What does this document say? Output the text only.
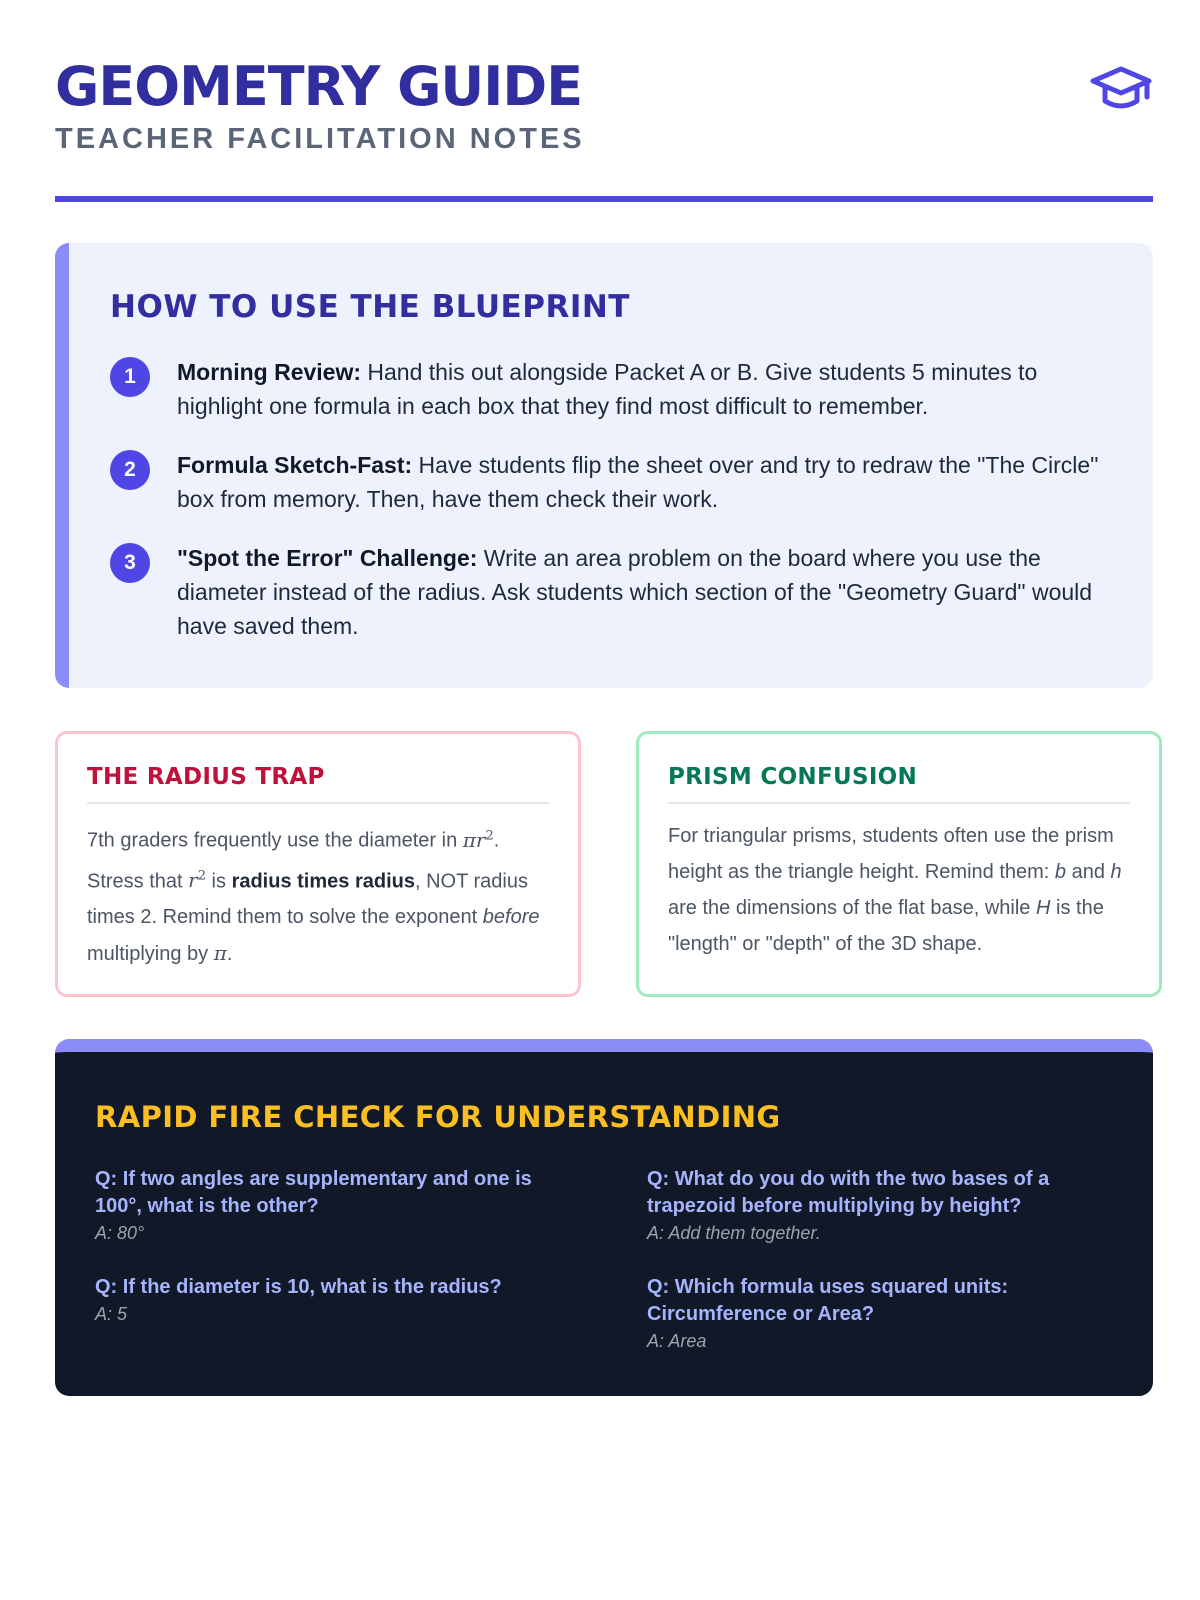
GEOMETRY GUIDE
TEACHER FACILITATION NOTES
HOW TO USE THE BLUEPRINT
1	Morning Review: Hand this out alongside Packet A or B. Give students 5 minutes to highlight one formula in each box that they find most difficult to remember.
2	Formula Sketch-Fast: Have students flip the sheet over and try to redraw the "The Circle" box from memory. Then, have them check their work.
3	"Spot the Error" Challenge: Write an area problem on the board where you use the diameter instead of the radius. Ask students which section of the "Geometry Guard" would have saved them.
THE RADIUS TRAP

7th graders frequently use the diameter in $\pi r^2$. Stress that $r^2$ is radius times radius, NOT radius times 2. Remind them to solve the exponent before multiplying by π.

PRISM CONFUSION

For triangular prisms, students often use the prism height as the triangle height. Remind them: b and h are the dimensions of the flat base, while H is the "length" or "depth" of the 3D shape.

RAPID FIRE CHECK FOR UNDERSTANDING
Q: If two angles are supplementary and one is 100°, what is the other?
A: 80°
Q: What do you do with the two bases of a trapezoid before multiplying by height?
A: Add them together.
Q: If the diameter is 10, what is the radius?
A: 5
Q: Which formula uses squared units: Circumference or Area?
A: Area
